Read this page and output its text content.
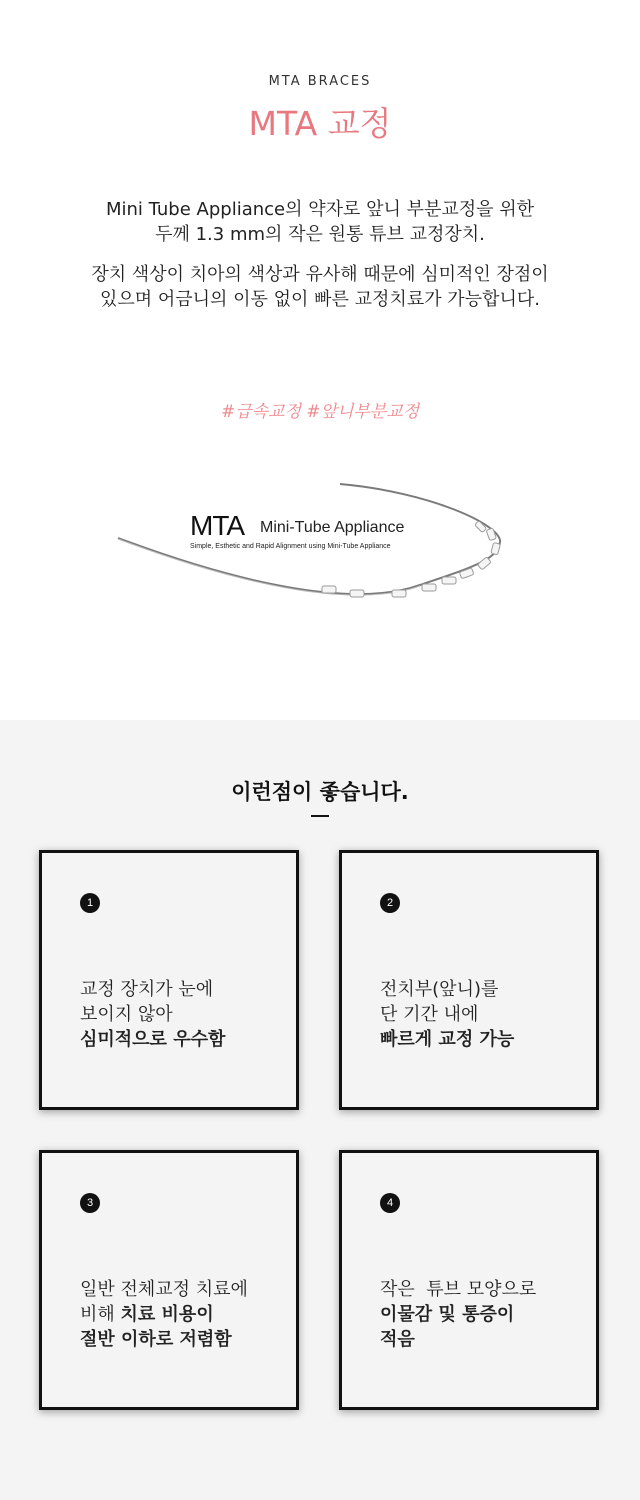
MTA BRACES
MTA 교정
Mini Tube Appliance의 약자로 앞니 부분교정을 위한
두께 1.3 mm의 작은 원통 튜브 교정장치.
장치 색상이 치아의 색상과 유사해 때문에 심미적인 장점이
있으며 어금니의 이동 없이 빠른 교정치료가 가능합니다.
#급속교정 #앞니부분교정
MTA Mini-Tube Appliance
Simple, Esthetic and Rapid Alignment using Mini-Tube Appliance
이런점이 좋습니다.
1
교정 장치가 눈에
보이지 않아
심미적으로 우수함
2
전치부(앞니)를
단 기간 내에
빠르게 교정 가능
3
일반 전체교정 치료에
비해 치료 비용이
절반 이하로 저렴함
4
작은  튜브 모양으로
이물감 및 통증이
적음
